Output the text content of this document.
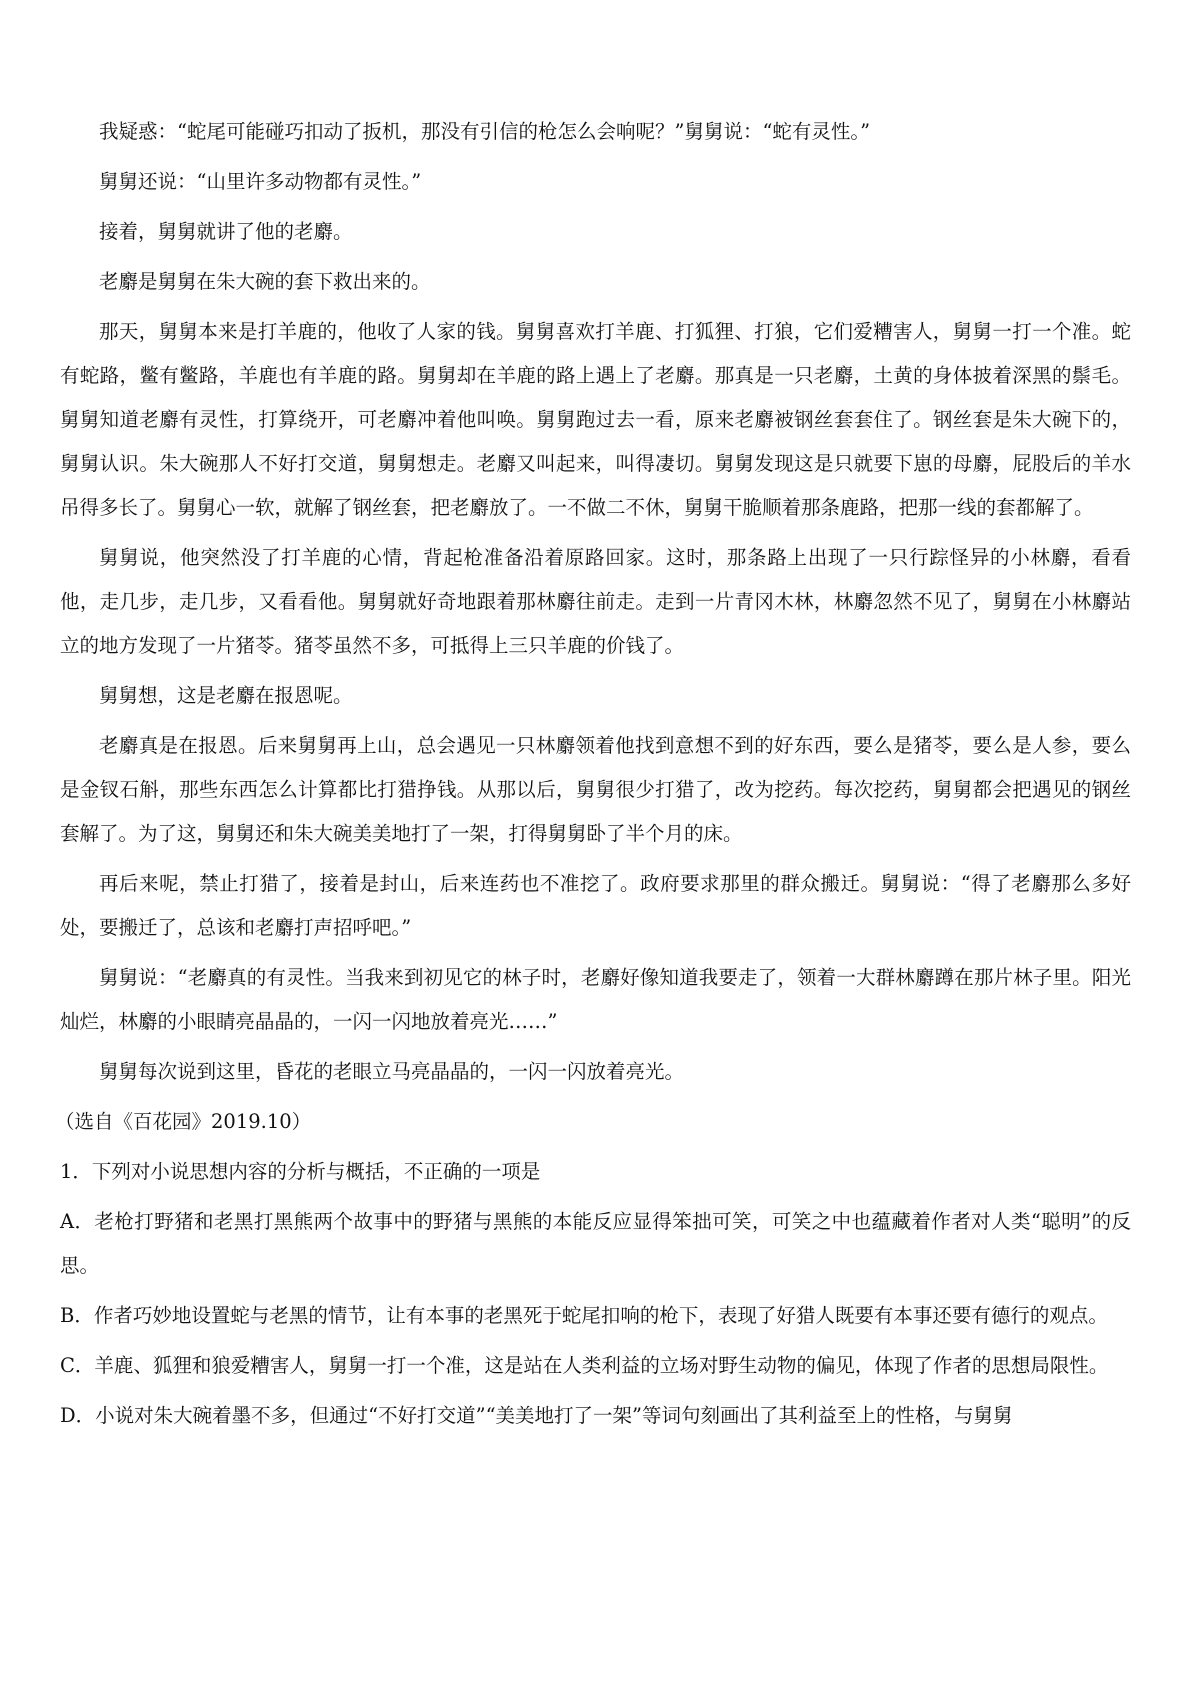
我疑惑：“蛇尾可能碰巧扣动了扳机，那没有引信的枪怎么会响呢？”舅舅说：“蛇有灵性。”

舅舅还说：“山里许多动物都有灵性。”

接着，舅舅就讲了他的老麝。

老麝是舅舅在朱大碗的套下救出来的。

那天，舅舅本来是打羊鹿的，他收了人家的钱。舅舅喜欢打羊鹿、打狐狸、打狼，它们爱糟害人，舅舅一打一个准。蛇有蛇路，鳖有鳖路，羊鹿也有羊鹿的路。舅舅却在羊鹿的路上遇上了老麝。那真是一只老麝，土黄的身体披着深黑的鬃毛。舅舅知道老麝有灵性，打算绕开，可老麝冲着他叫唤。舅舅跑过去一看，原来老麝被钢丝套套住了。钢丝套是朱大碗下的，舅舅认识。朱大碗那人不好打交道，舅舅想走。老麝又叫起来，叫得凄切。舅舅发现这是只就要下崽的母麝，屁股后的羊水吊得多长了。舅舅心一软，就解了钢丝套，把老麝放了。一不做二不休，舅舅干脆顺着那条鹿路，把那一线的套都解了。

舅舅说，他突然没了打羊鹿的心情，背起枪准备沿着原路回家。这时，那条路上出现了一只行踪怪异的小林麝，看看他，走几步，走几步，又看看他。舅舅就好奇地跟着那林麝往前走。走到一片青冈木林，林麝忽然不见了，舅舅在小林麝站立的地方发现了一片猪苓。猪苓虽然不多，可抵得上三只羊鹿的价钱了。

舅舅想，这是老麝在报恩呢。

老麝真是在报恩。后来舅舅再上山，总会遇见一只林麝领着他找到意想不到的好东西，要么是猪苓，要么是人参，要么是金钗石斛，那些东西怎么计算都比打猎挣钱。从那以后，舅舅很少打猎了，改为挖药。每次挖药，舅舅都会把遇见的钢丝套解了。为了这，舅舅还和朱大碗美美地打了一架，打得舅舅卧了半个月的床。

再后来呢，禁止打猎了，接着是封山，后来连药也不准挖了。政府要求那里的群众搬迁。舅舅说：“得了老麝那么多好处，要搬迁了，总该和老麝打声招呼吧。”

舅舅说：“老麝真的有灵性。当我来到初见它的林子时，老麝好像知道我要走了，领着一大群林麝蹲在那片林子里。阳光灿烂，林麝的小眼睛亮晶晶的，一闪一闪地放着亮光……”

舅舅每次说到这里，昏花的老眼立马亮晶晶的，一闪一闪放着亮光。

（选自《百花园》2019.10）

1．下列对小说思想内容的分析与概括，不正确的一项是

A．老枪打野猪和老黑打黑熊两个故事中的野猪与黑熊的本能反应显得笨拙可笑，可笑之中也蕴藏着作者对人类“聪明”的反思。

B．作者巧妙地设置蛇与老黑的情节，让有本事的老黑死于蛇尾扣响的枪下，表现了好猎人既要有本事还要有德行的观点。

C．羊鹿、狐狸和狼爱糟害人，舅舅一打一个准，这是站在人类利益的立场对野生动物的偏见，体现了作者的思想局限性。

D．小说对朱大碗着墨不多，但通过“不好打交道”“美美地打了一架”等词句刻画出了其利益至上的性格，与舅舅
